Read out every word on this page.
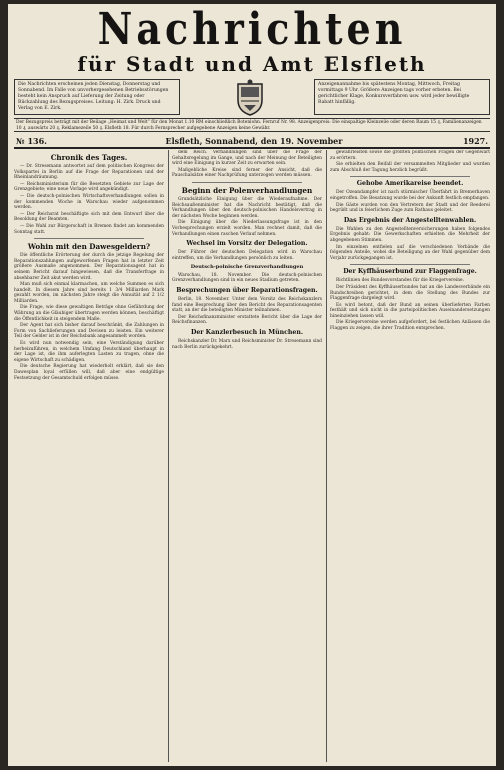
Nachrichten
für Stadt und Amt Elsfleth
Die Nachrichten erscheinen jeden Dienstag, Donnerstag und Sonnabend. Im Falle von unvorhergesehenen Betriebsstörungen besteht kein Anspruch auf Lieferung der Zeitung oder Rückzahlung des Bezugspreises. Leitung: H. Zirk. Druck und Verlag von E. Zirk.
Anzeigenannahme bis spätestens Montag, Mittwoch, Freitag vormittags 9 Uhr. Größere Anzeigen tags vorher erbeten. Bei gerichtlicher Klage, Konkursverfahren usw. wird jeder bewilligte Rabatt hinfällig.
Der Bezugspreis beträgt mit der Beilage „Heimat und Welt“ für den Monat 1.10 RM einschließlich Botenlohn. Fernruf Nr. 98. Anzeigenpreis: Die einspaltige Kleinzeile oder deren Raum 15 ₰, Familienanzeigen 10 ₰, auswärts 20 ₰, Reklamezeile 50 ₰. Elsfleth 18. Für durch Fernsprecher aufgegebene Anzeigen keine Gewähr.
№ 136.	Elsfleth, Sonnabend, den 19. November	1927.
Chronik des Tages.
— Dr. Stresemann antwortet auf dem politischen Kongress der Volkspartei in Berlin auf die Frage der Reparationen und der Rheinlandräumung.
— Reichsministerium für die Besetzten Gebiete zur Lage der Grenzgebiete; eine neue Vorlage wird angekündigt.
— Die deutsch-polnischen Wirtschaftsverhandlungen sollen in der kommenden Woche in Warschau wieder aufgenommen werden.
— Der Reichsrat beschäftigte sich mit dem Entwurf über die Besoldung der Beamten.
— Die Wahl zur Bürgerschaft in Bremen findet am kommenden Sonntag statt.
Wohin mit den Dawesgeldern?
Die öffentliche Erörterung der durch die jetzige Regelung der Reparationszahlungen aufgeworfenen Fragen hat in letzter Zeit größere Ausmaße angenommen. Der Reparationsagent hat in seinem Bericht darauf hingewiesen, daß die Transferfrage in absehbarer Zeit akut werden wird.
Man muß sich einmal klarmachen, um welche Summen es sich handelt. In diesem Jahre sind bereits 1 3/4 Milliarden Mark gezahlt worden, im nächsten Jahre steigt die Annuität auf 2 1/2 Milliarden.
Die Frage, wie diese gewaltigen Beträge ohne Gefährdung der Währung an die Gläubiger übertragen werden können, beschäftigt die Öffentlichkeit in steigendem Maße.
Der Agent hat sich bisher darauf beschränkt, die Zahlungen in Form von Sachlieferungen und Devisen zu leisten. Ein weiterer Teil der Gelder ist in der Reichsbank angesammelt worden.
Es wird nun notwendig sein, eine Verständigung darüber herbeizuführen, in welchem Umfang Deutschland überhaupt in der Lage ist, die ihm auferlegten Lasten zu tragen, ohne die eigene Wirtschaft zu schädigen.
Die deutsche Regierung hat wiederholt erklärt, daß sie den Dawesplan loyal erfüllen will, daß aber eine endgültige Festsetzung der Gesamtschuld erfolgen müsse.
dem Reich. Verhandlungen sind über die Frage der Gehaltsregelung im Gange, und nach der Meinung der Beteiligten wird eine Einigung in kurzer Zeit zu erwarten sein.
Maßgebliche Kreise sind ferner der Ansicht, daß die Pauschalsätze einer Nachprüfung unterzogen werden müssen.
Beginn der Polenverhandlungen
Grundsätzliche Einigung über die Wiederaufnahme. Der Reichsaußenminister hat die Nachricht bestätigt, daß die Verhandlungen über den deutsch-polnischen Handelsvertrag in der nächsten Woche beginnen werden.
Die Einigung über die Niederlassungsfrage ist in den Vorbesprechungen erzielt worden. Man rechnet damit, daß die Verhandlungen einen raschen Verlauf nehmen.
Wechsel im Vorsitz der Delegation.
Der Führer der deutschen Delegation wird in Warschau eintreffen, um die Verhandlungen persönlich zu leiten.
Deutsch-polnische Grenzverhandlungen
Warschau, 18. November. Die deutsch-polnischen Grenzverhandlungen sind in ein neues Stadium getreten.
Besprechungen über Reparationsfragen.
Berlin, 18. November. Unter dem Vorsitz des Reichskanzlers fand eine Besprechung über den Bericht des Reparationsagenten statt, an der die beteiligten Minister teilnahmen.
Der Reichsfinanzminister erstattete Bericht über die Lage der Reichsfinanzen.
Der Kanzlerbesuch in München.
Reichskanzler Dr. Marx und Reichsminister Dr. Stresemann sind nach Berlin zurückgekehrt.
gewährleisten sowie die größten politischen Fragen der Gegenwart zu erörtern.
Sie erhielten den Beifall der versammelten Mitglieder und wurden zum Abschluß der Tagung herzlich begrüßt.
Gehobe Amerikareise beendet.
Der Ozeandampfer ist nach stürmischer Überfahrt in Bremerhaven eingetroffen. Die Besatzung wurde bei der Ankunft festlich empfangen.
Die Gäste wurden von den Vertretern der Stadt und der Reederei begrüßt und in feierlichem Zuge zum Rathaus geleitet.
Das Ergebnis der Angestelltenwahlen.
Die Wahlen zu den Angestelltenversicherungen haben folgendes Ergebnis gehabt: Die Gewerkschaften erhielten die Mehrheit der abgegebenen Stimmen.
Im einzelnen entfielen auf die verschiedenen Verbände die folgenden Anteile, wobei die Beteiligung an der Wahl gegenüber dem Vorjahr zurückgegangen ist.
Der Kyffhäuserbund zur Flaggenfrage.
Richtlinien des Bundesvorstandes für die Kriegervereine.
Der Präsident des Kyffhäuserbundes hat an die Landesverbände ein Rundschreiben gerichtet, in dem die Stellung des Bundes zur Flaggenfrage dargelegt wird.
Es wird betont, daß der Bund an seinen überlieferten Farben festhält und sich nicht in die parteipolitischen Auseinandersetzungen hineinziehen lassen will.
Die Kriegervereine werden aufgefordert, bei festlichen Anlässen die Flaggen zu zeigen, die ihrer Tradition entsprechen.
